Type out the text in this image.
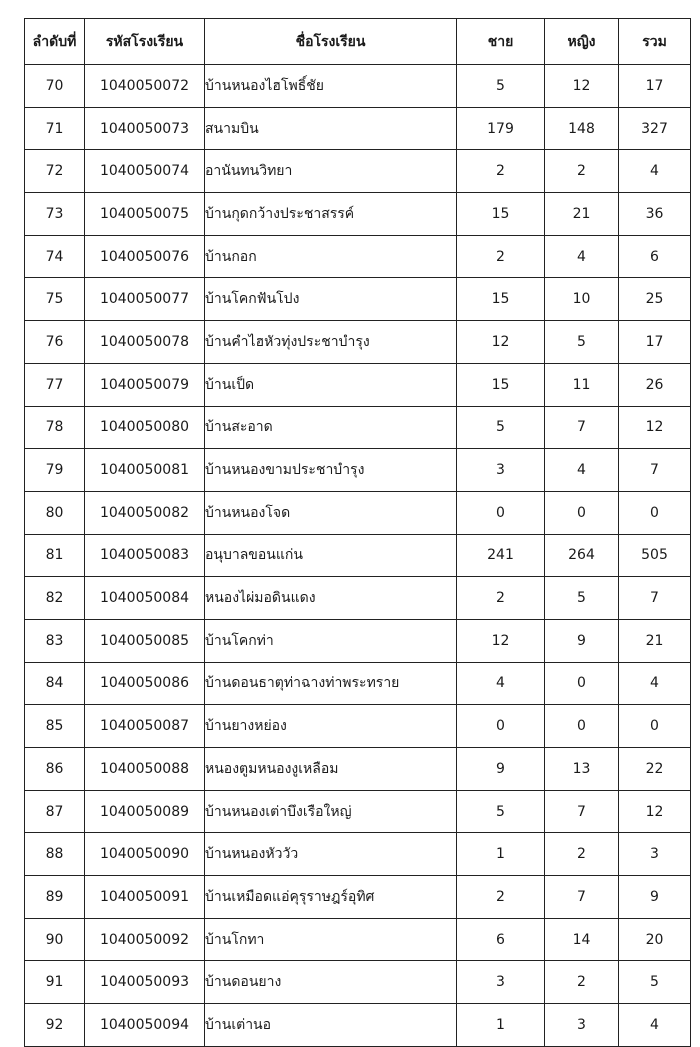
ลำดับที่	รหัสโรงเรียน	ชื่อโรงเรียน	ชาย	หญิง	รวม
70	1040050072	บ้านหนองไฮโพธิ์ชัย	5	12	17
71	1040050073	สนามบิน	179	148	327
72	1040050074	อานันทนวิทยา	2	2	4
73	1040050075	บ้านกุดกว้างประชาสรรค์	15	21	36
74	1040050076	บ้านกอก	2	4	6
75	1040050077	บ้านโคกฟันโปง	15	10	25
76	1040050078	บ้านคำไฮหัวทุ่งประชาบำรุง	12	5	17
77	1040050079	บ้านเป็ด	15	11	26
78	1040050080	บ้านสะอาด	5	7	12
79	1040050081	บ้านหนองขามประชาบำรุง	3	4	7
80	1040050082	บ้านหนองโจด	0	0	0
81	1040050083	อนุบาลขอนแก่น	241	264	505
82	1040050084	หนองไผ่มอดินแดง	2	5	7
83	1040050085	บ้านโคกท่า	12	9	21
84	1040050086	บ้านดอนธาตุท่าฉางท่าพระทราย	4	0	4
85	1040050087	บ้านยางหย่อง	0	0	0
86	1040050088	หนองตูมหนองงูเหลือม	9	13	22
87	1040050089	บ้านหนองเต่าบึงเรือใหญ่	5	7	12
88	1040050090	บ้านหนองหัววัว	1	2	3
89	1040050091	บ้านเหมือดแอ่คุรุราษฎร์อุทิศ	2	7	9
90	1040050092	บ้านโกทา	6	14	20
91	1040050093	บ้านดอนยาง	3	2	5
92	1040050094	บ้านเต่านอ	1	3	4
